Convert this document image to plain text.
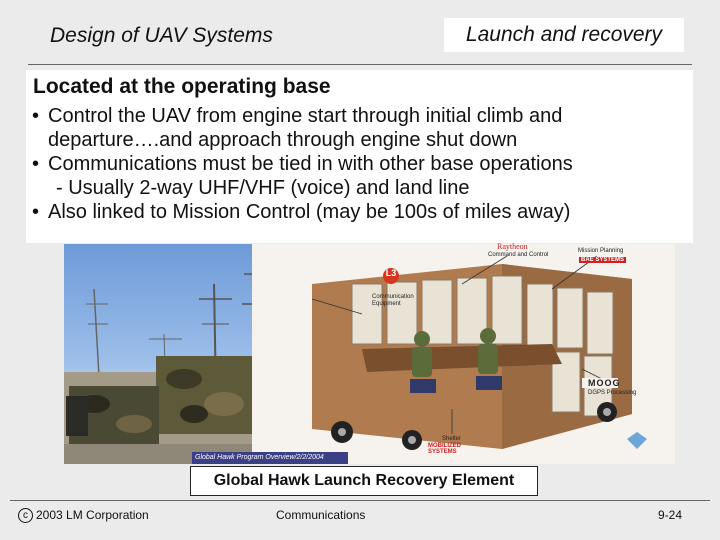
Design of UAV Systems	Launch and recovery
Located at the operating base
• Control the UAV from engine start through initial climb and departure….and approach through engine shut down
• Communications must be tied in with other base operations
- Usually 2-way UHF/VHF (voice) and land line
• Also linked to Mission Control (may be 100s of miles away)
Raytheon
Command and Control
Mission Planning
BAE SYSTEMS
L3
Communication Equipment
MOOG
DGPS Processing
Shelter
MOBILIZED SYSTEMS
Global Hawk Program Overview/2/2/2004
Global Hawk Launch Recovery Element
c 2003 LM Corporation	Communications	9-24
